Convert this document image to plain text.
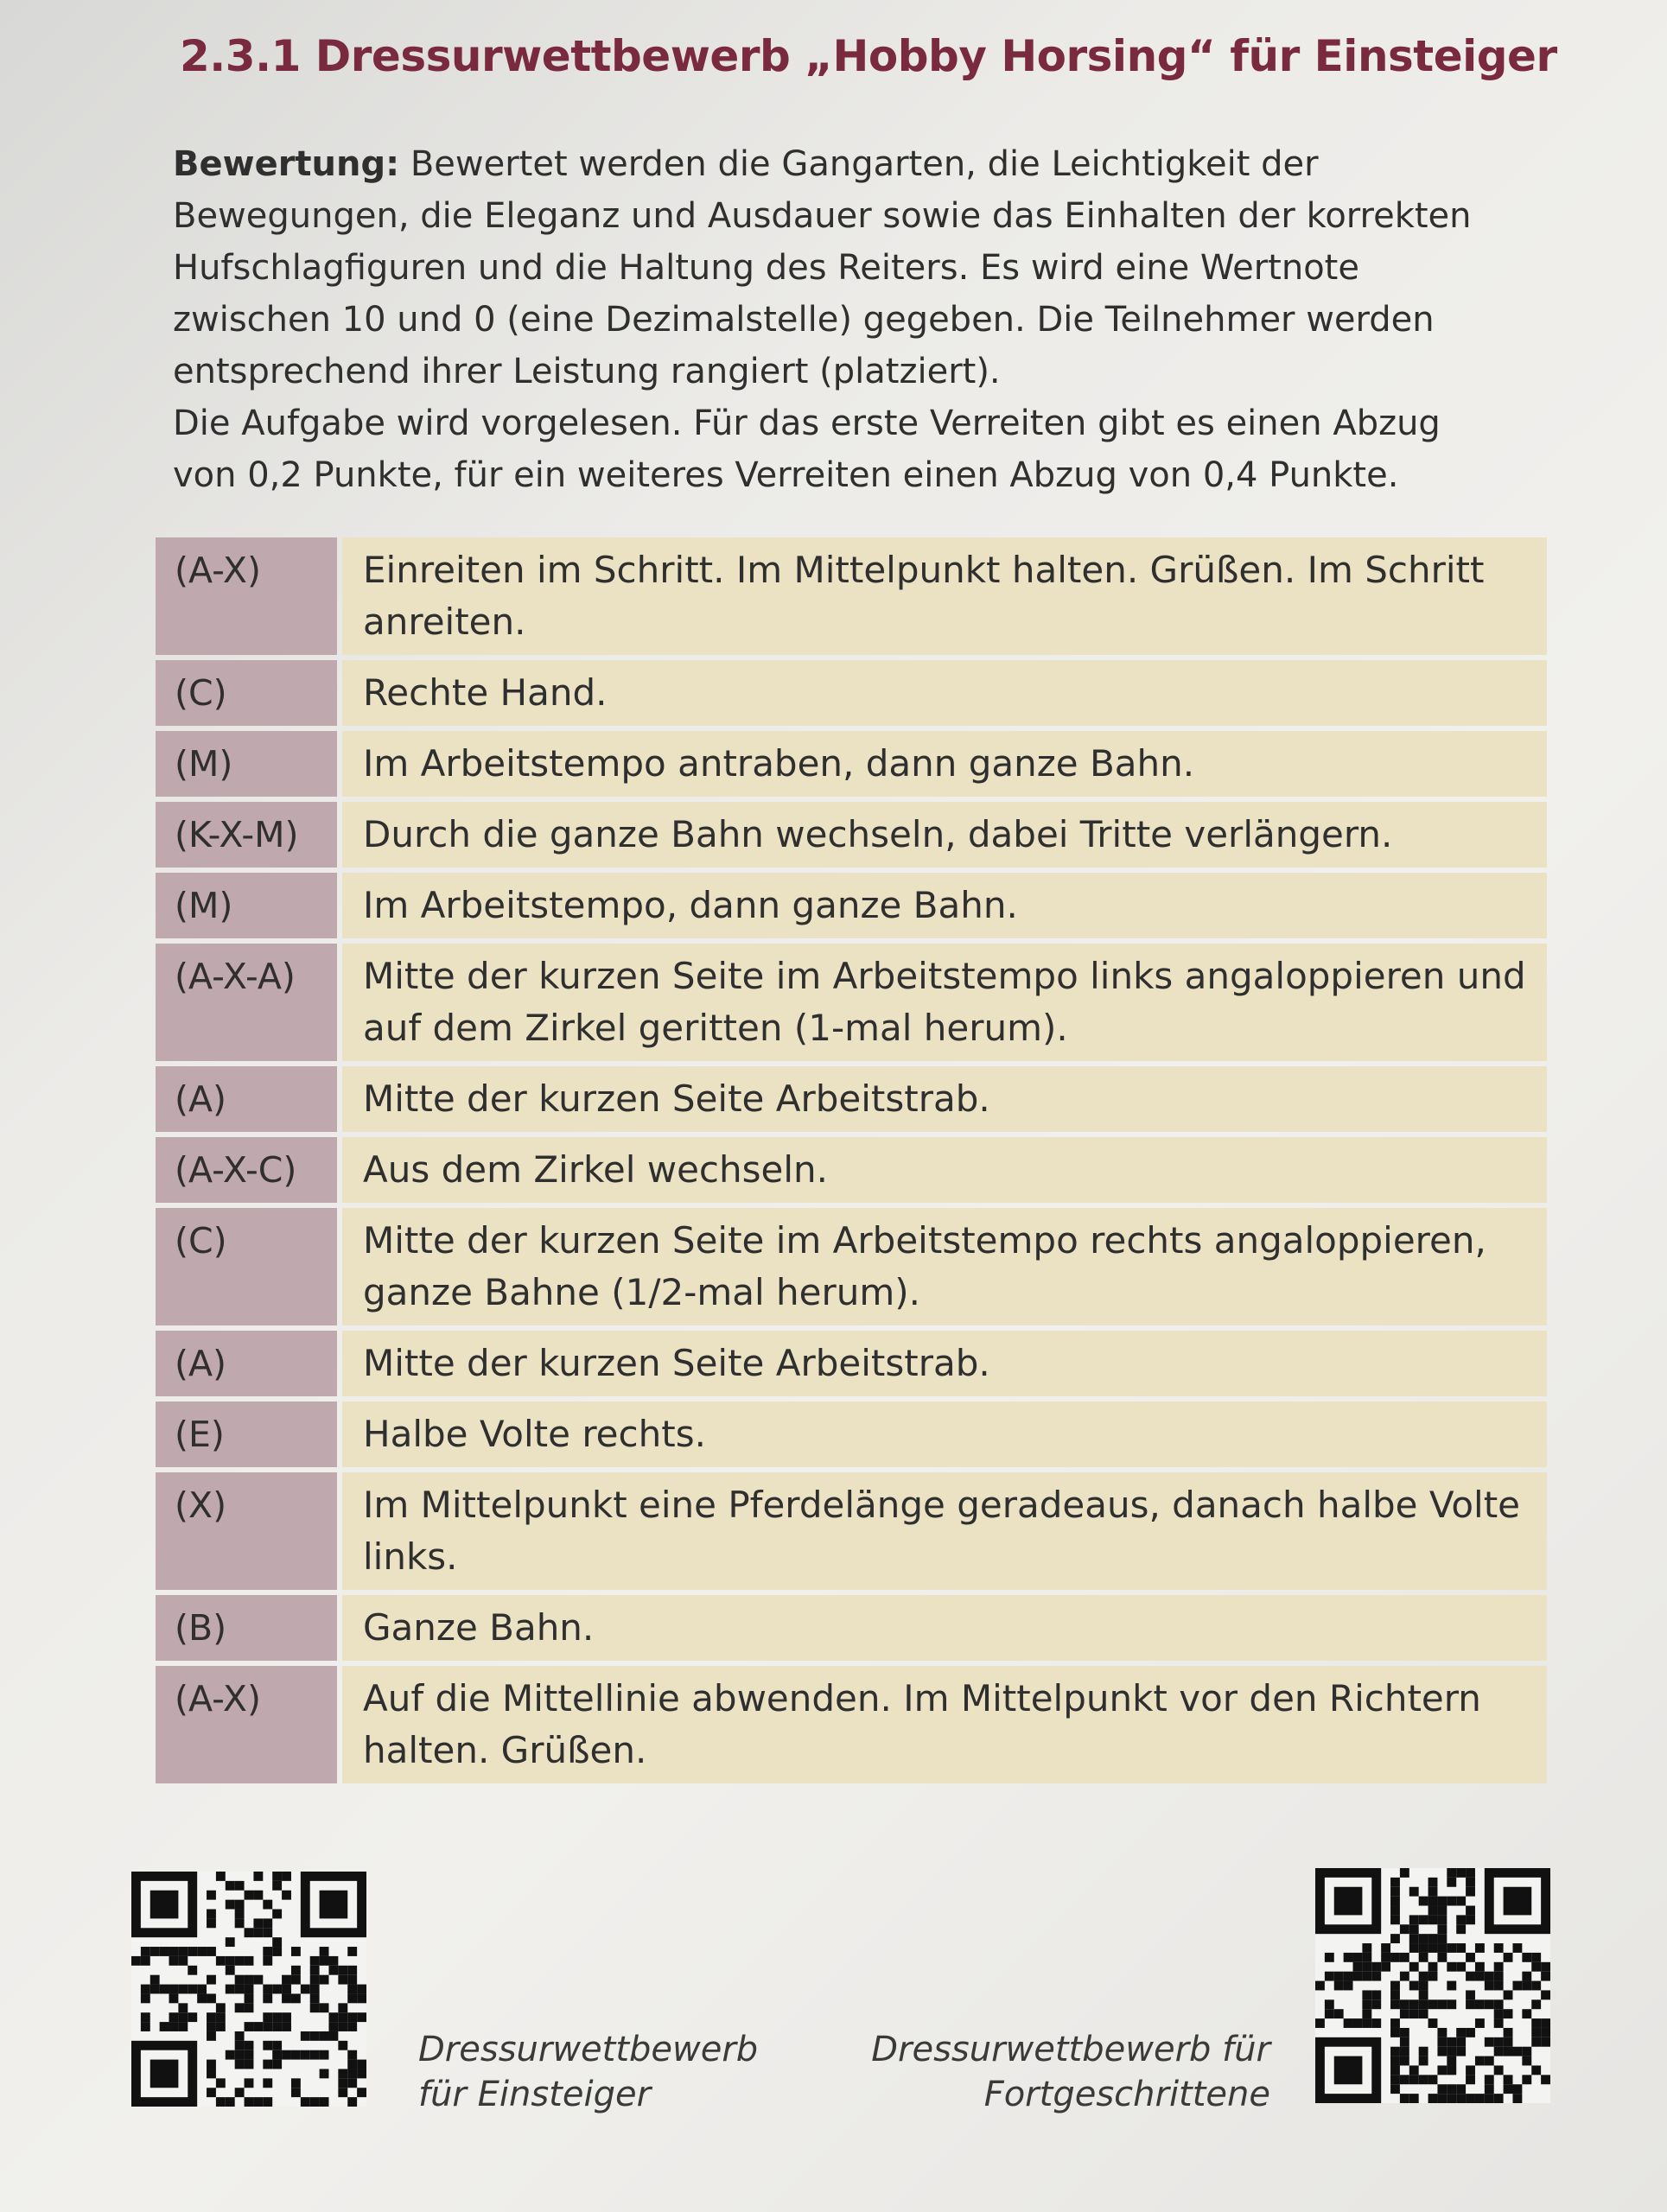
2.3.1 Dressurwettbewerb „Hobby Horsing“ für Einsteiger

Bewertung: Bewertet werden die Gangarten, die Leichtigkeit der Bewegungen, die Eleganz und Ausdauer sowie das Einhalten der korrekten Hufschlagfiguren und die Haltung des Reiters. Es wird eine Wertnote zwischen 10 und 0 (eine Dezimalstelle) gegeben. Die Teilnehmer werden entsprechend ihrer Leistung rangiert (platziert).

Die Aufgabe wird vorgelesen. Für das erste Verreiten gibt es einen Abzug von 0,2 Punkte, für ein weiteres Verreiten einen Abzug von 0,4 Punkte.

(A-X)	Einreiten im Schritt. Im Mittelpunkt halten. Grüßen. Im Schritt anreiten.
(C)	Rechte Hand.
(M)	Im Arbeitstempo antraben, dann ganze Bahn.
(K-X-M)	Durch die ganze Bahn wechseln, dabei Tritte verlängern.
(M)	Im Arbeitstempo, dann ganze Bahn.
(A-X-A)	Mitte der kurzen Seite im Arbeitstempo links angaloppieren und auf dem Zirkel geritten (1-mal herum).
(A)	Mitte der kurzen Seite Arbeitstrab.
(A-X-C)	Aus dem Zirkel wechseln.
(C)	Mitte der kurzen Seite im Arbeitstempo rechts angaloppieren, ganze Bahne (1/2-mal herum).
(A)	Mitte der kurzen Seite Arbeitstrab.
(E)	Halbe Volte rechts.
(X)	Im Mittelpunkt eine Pferdelänge geradeaus, danach halbe Volte links.
(B)	Ganze Bahn.
(A-X)	Auf die Mittellinie abwenden. Im Mittelpunkt vor den Richtern halten. Grüßen.
Dressurwettbewerb
für Einsteiger
Dressurwettbewerb für
Fortgeschrittene
